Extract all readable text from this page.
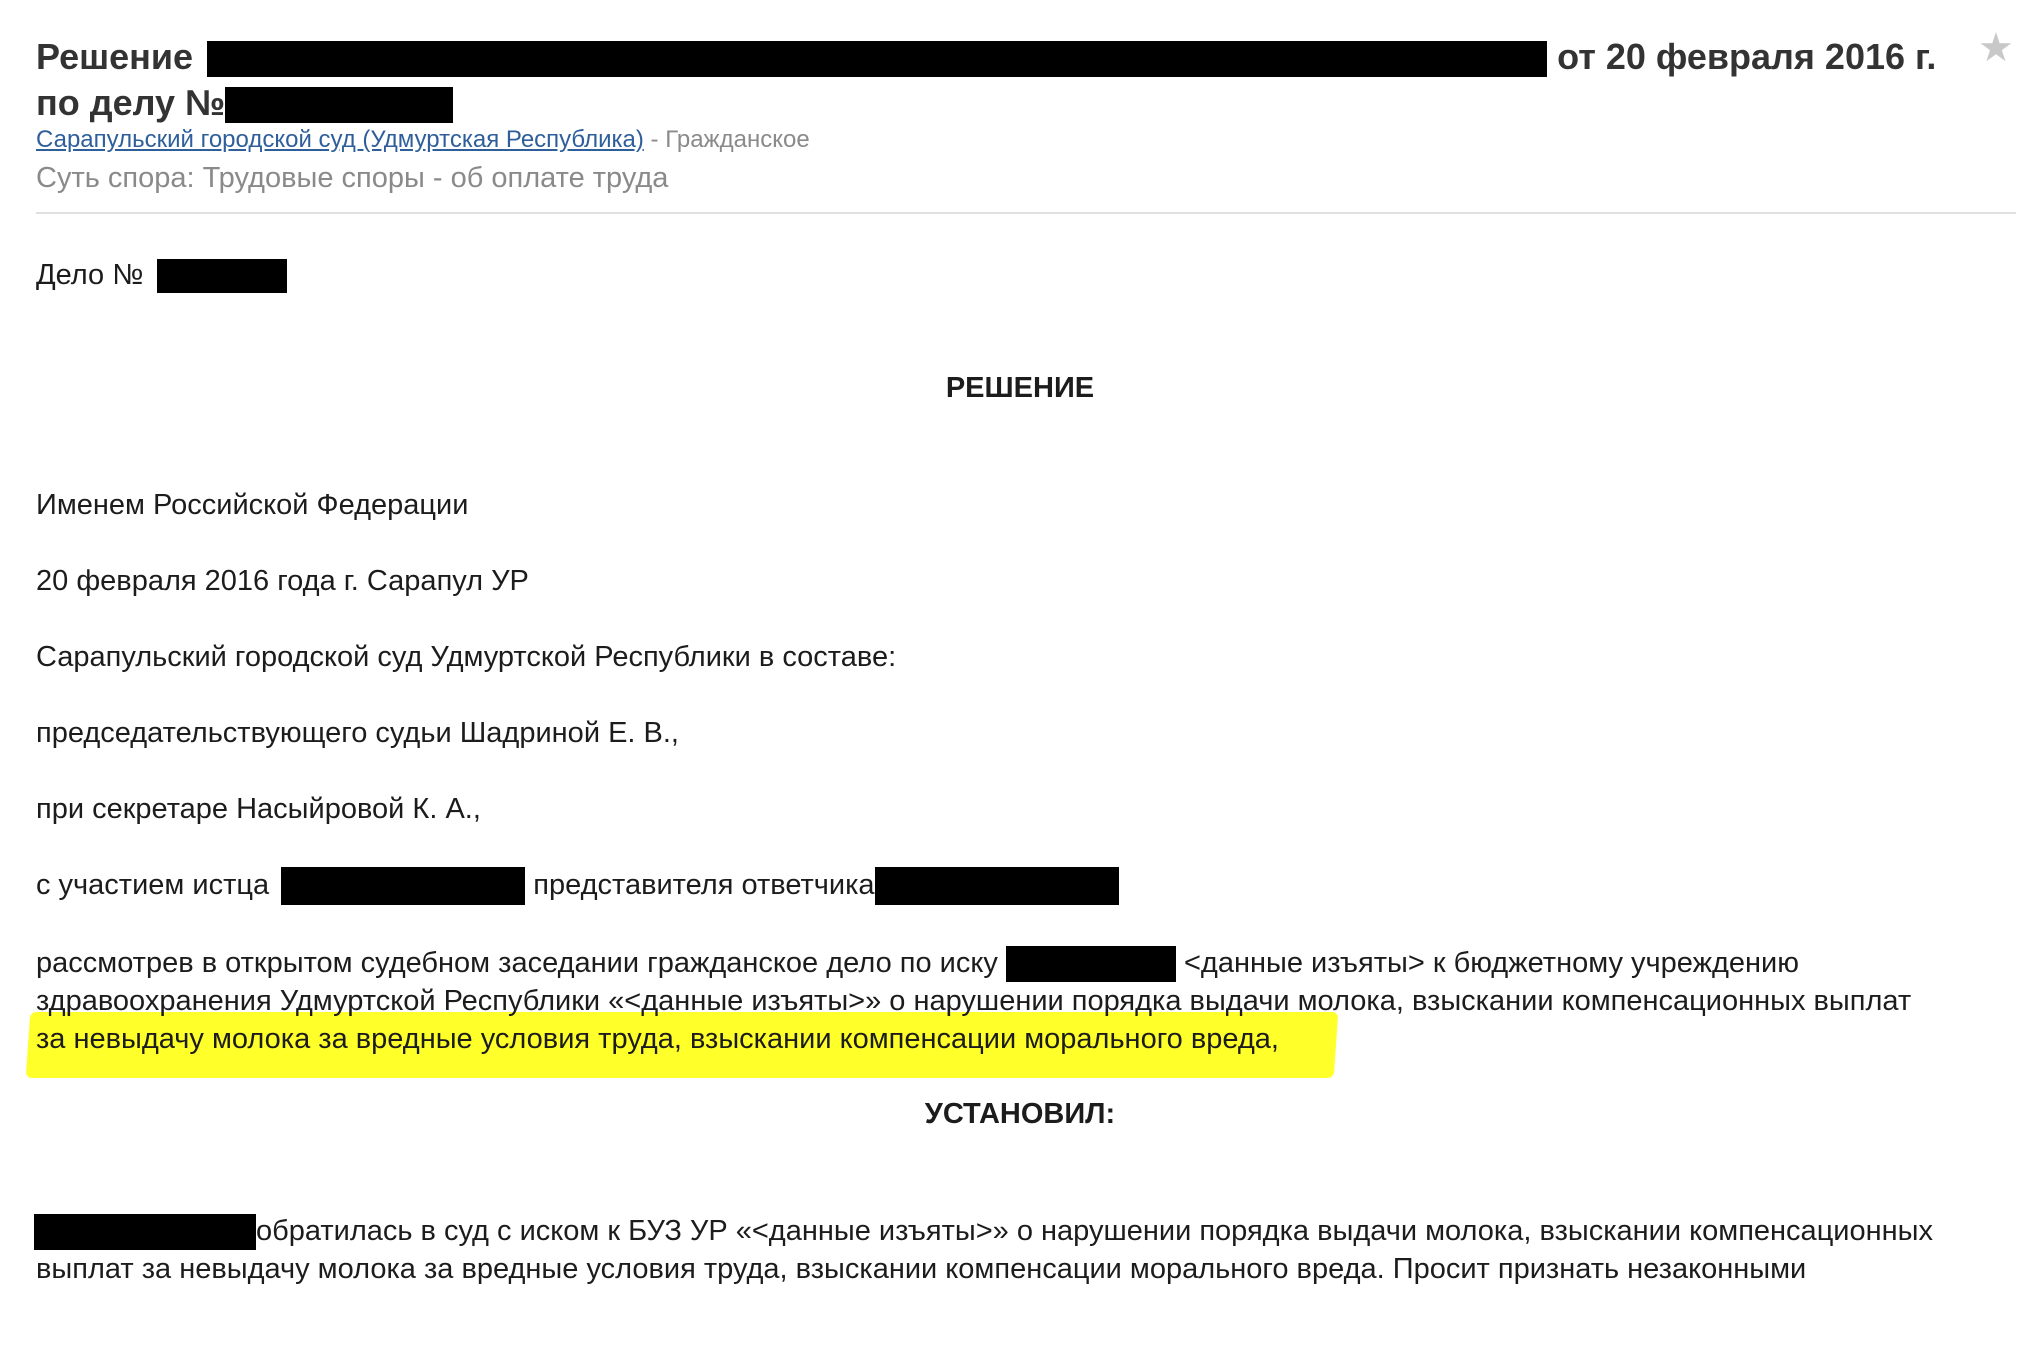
Решение	от 20 февраля 2016 г.
по делу №
★
Сарапульский городской суд (Удмуртская Республика) - Гражданское
Суть спора: Трудовые споры - об оплате труда
Дело №
РЕШЕНИЕ
Именем Российской Федерации
20 февраля 2016 года г. Сарапул УР
Сарапульский городской суд Удмуртской Республики в составе:
председательствующего судьи Шадриной Е. В.,
при секретаре Насыйровой К. А.,
с участием истца	представителя ответчика
рассмотрев в открытом судебном заседании гражданское дело по иску	<данные изъяты> к бюджетному учреждению
здравоохранения Удмуртской Республики «<данные изъяты>» о нарушении порядка выдачи молока, взыскании компенсационных выплат
за невыдачу молока за вредные условия труда, взыскании компенсации морального вреда,
УСТАНОВИЛ:
обратилась в суд с иском к БУЗ УР «<данные изъяты>» о нарушении порядка выдачи молока, взыскании компенсационных
выплат за невыдачу молока за вредные условия труда, взыскании компенсации морального вреда. Просит признать незаконными
